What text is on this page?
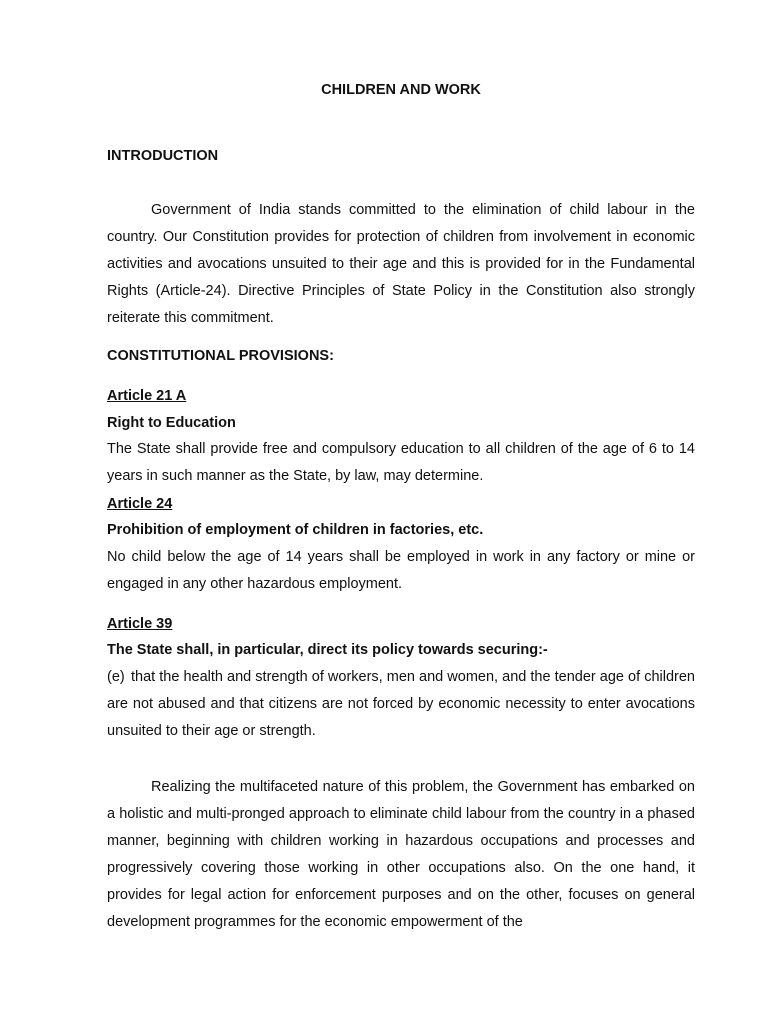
CHILDREN AND WORK

INTRODUCTION

Government of India stands committed to the elimination of child labour in the country. Our Constitution provides for protection of children from involvement in economic activities and avocations unsuited to their age and this is provided for in the Fundamental Rights (Article-24). Directive Principles of State Policy in the Constitution also strongly reiterate this commitment.

CONSTITUTIONAL PROVISIONS:

Article 21 A

Right to Education

The State shall provide free and compulsory education to all children of the age of 6 to 14 years in such manner as the State, by law, may determine.

Article 24

Prohibition of employment of children in factories, etc.

No child below the age of 14 years shall be employed in work in any factory or mine or engaged in any other hazardous employment.

Article 39

The State shall, in particular, direct its policy towards securing:-

(e) that the health and strength of workers, men and women, and the tender age of children are not abused and that citizens are not forced by economic necessity to enter avocations unsuited to their age or strength.

Realizing the multifaceted nature of this problem, the Government has embarked on a holistic and multi-pronged approach to eliminate child labour from the country in a phased manner, beginning with children working in hazardous occupations and processes and progressively covering those working in other occupations also. On the one hand, it provides for legal action for enforcement purposes and on the other, focuses on general development programmes for the economic empowerment of the
